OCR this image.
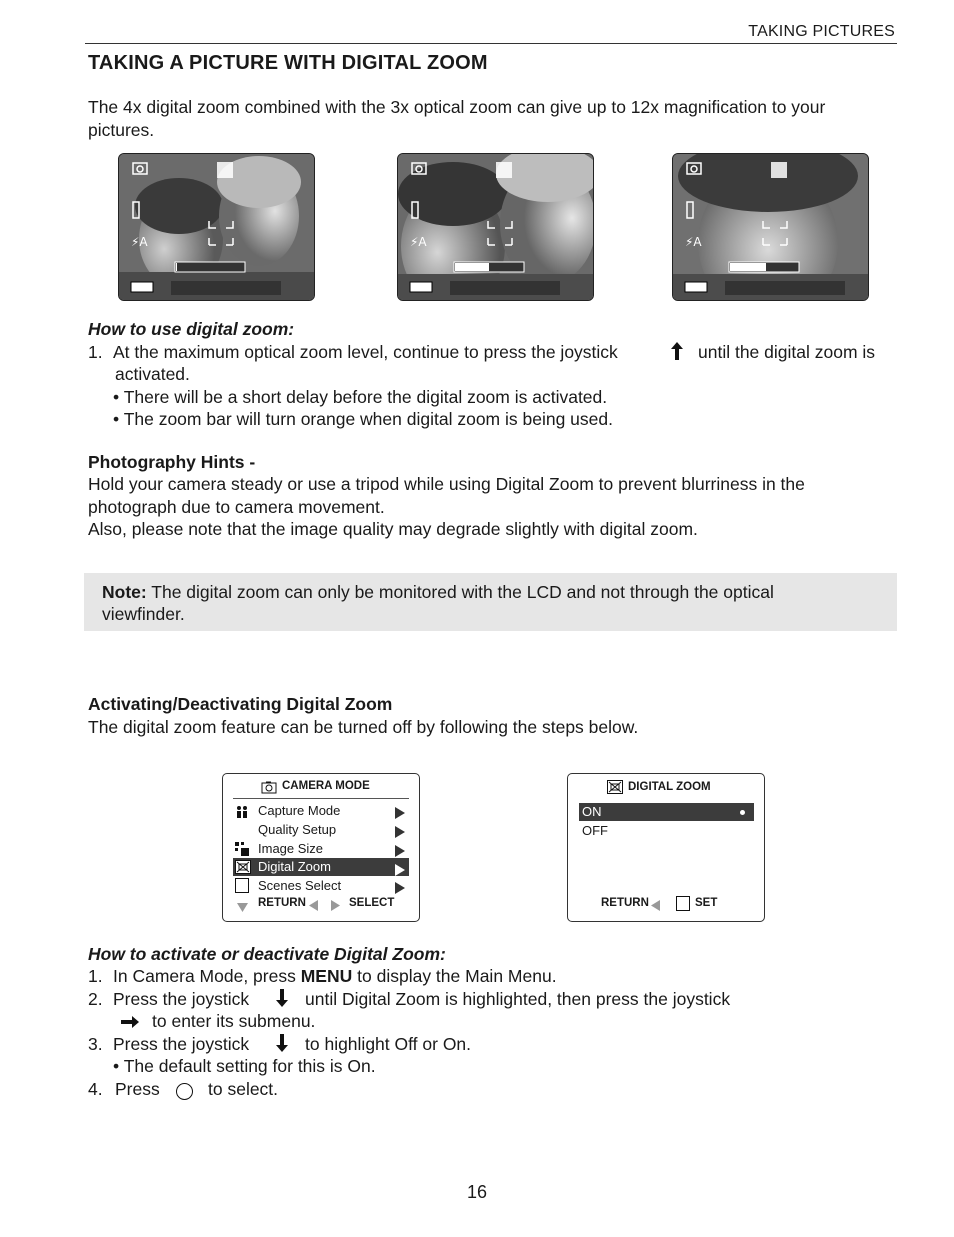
TAKING PICTURES
TAKING A PICTURE WITH DIGITAL ZOOM
The 4x digital zoom combined with the 3x optical zoom can give up to 12x magnification to your
pictures.
⚡A	⚡A	⚡A
How to use digital zoom:
1. At the maximum optical zoom level, continue to press the joystick	until the digital zoom is
activated.
• There will be a short delay before the digital zoom is activated.
• The zoom bar will turn orange when digital zoom is being used.
Photography Hints -
Hold your camera steady or use a tripod while using Digital Zoom to prevent blurriness in the
photograph due to camera movement.
Also, please note that the image quality may degrade slightly with digital zoom.
Note: The digital zoom can only be monitored with the LCD and not through the optical
viewfinder.
Activating/Deactivating Digital Zoom
The digital zoom feature can be turned off by following the steps below.
CAMERA MODE
Capture Mode
Quality Setup
Image Size
Digital Zoom
Scenes Select
RETURN	SELECT
DIGITAL ZOOM
ON
OFF
RETURN	SET
How to activate or deactivate Digital Zoom:
1. In Camera Mode, press MENU to display the Main Menu.
2. Press the joystick	until Digital Zoom is highlighted, then press the joystick
to enter its submenu.
3. Press the joystick	to highlight Off or On.
• The default setting for this is On.
4. Press	to select.
16
